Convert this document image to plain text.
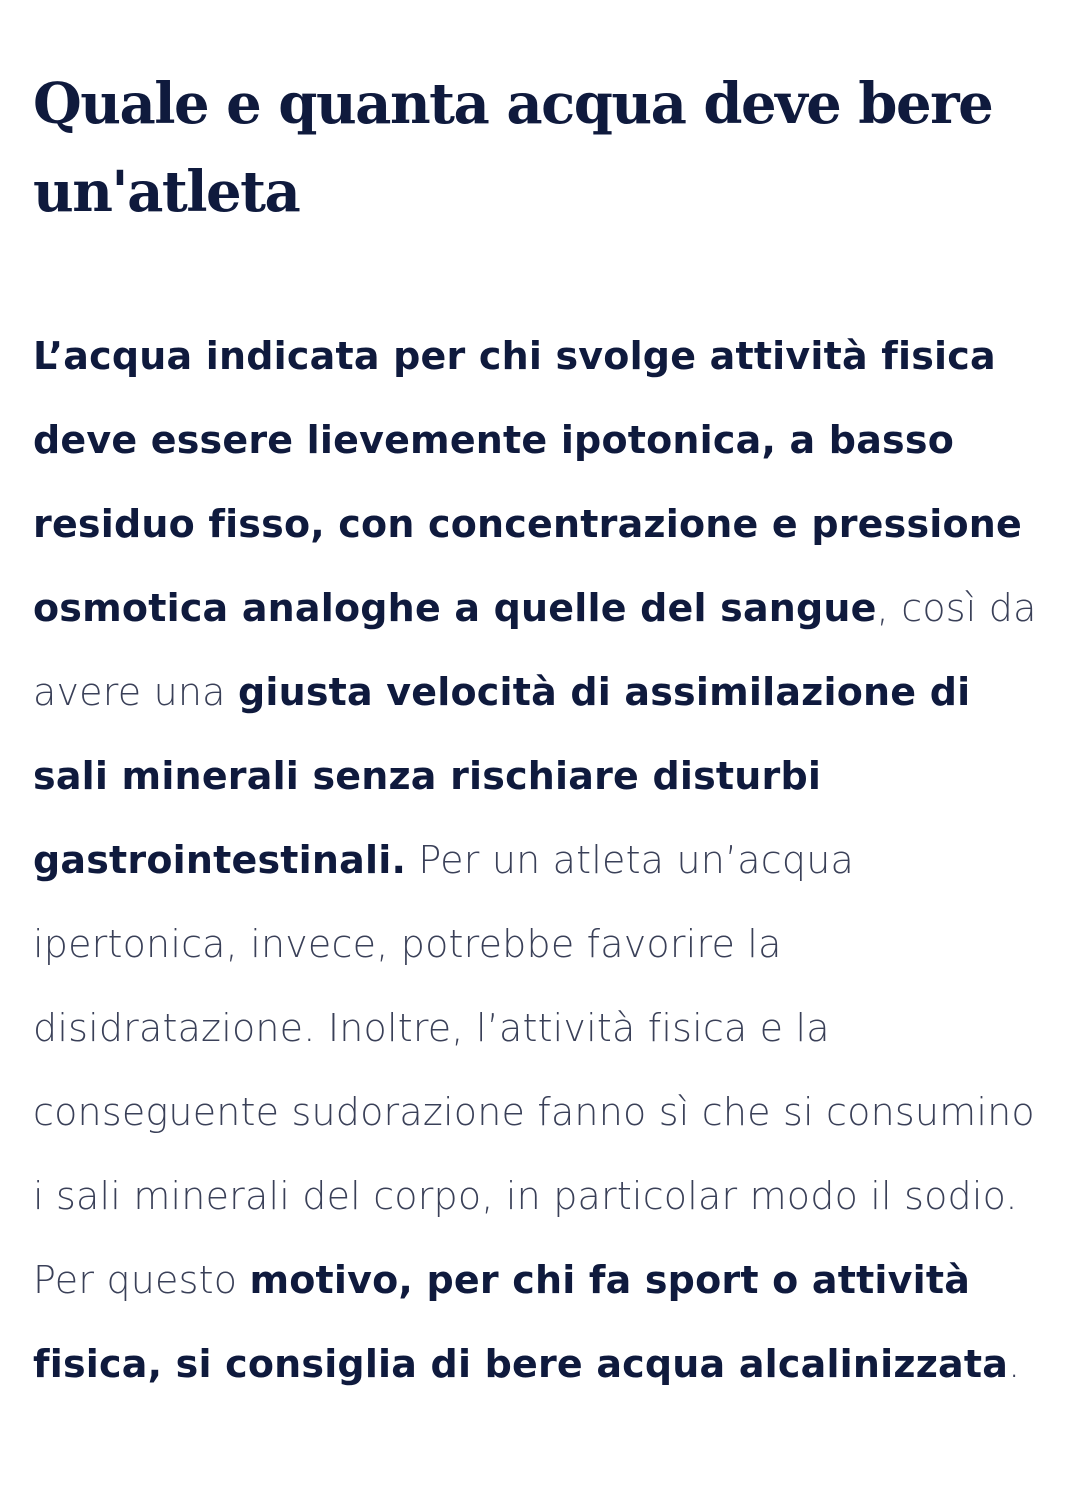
Quale e quanta acqua deve bere un'atleta

L’acqua indicata per chi svolge attività fisica deve essere lievemente ipotonica, a basso residuo fisso, con concentrazione e pressione osmotica analoghe a quelle del sangue, così da avere una giusta velocità di assimilazione di sali minerali senza rischiare disturbi gastrointestinali. Per un atleta un’acqua ipertonica, invece, potrebbe favorire la disidratazione. Inoltre, l’attività fisica e la conseguente sudorazione fanno sì che si consumino i sali minerali del corpo, in particolar modo il sodio. Per questo motivo, per chi fa sport o attività fisica, si consiglia di bere acqua alcalinizzata.
